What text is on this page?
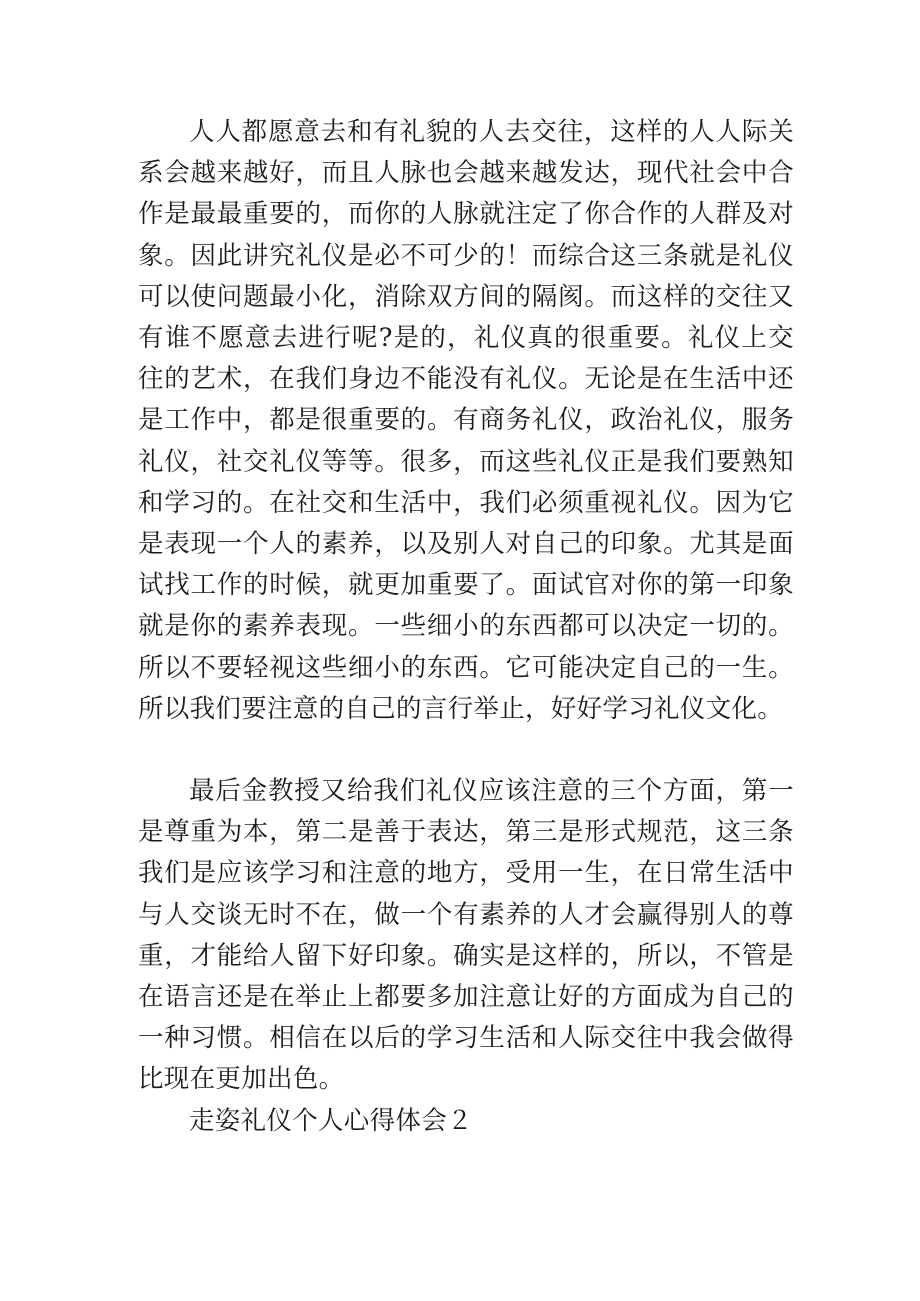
人人都愿意去和有礼貌的人去交往，这样的人人际关系会越来越好，而且人脉也会越来越发达，现代社会中合作是最最重要的，而你的人脉就注定了你合作的人群及对象。因此讲究礼仪是必不可少的！而综合这三条就是礼仪可以使问题最小化，消除双方间的隔阂。而这样的交往又有谁不愿意去进行呢?是的，礼仪真的很重要。礼仪上交往的艺术，在我们身边不能没有礼仪。无论是在生活中还是工作中，都是很重要的。有商务礼仪，政治礼仪，服务礼仪，社交礼仪等等。很多，而这些礼仪正是我们要熟知和学习的。在社交和生活中，我们必须重视礼仪。因为它是表现一个人的素养，以及别人对自己的印象。尤其是面试找工作的时候，就更加重要了。面试官对你的第一印象就是你的素养表现。一些细小的东西都可以决定一切的。所以不要轻视这些细小的东西。它可能决定自己的一生。所以我们要注意的自己的言行举止，好好学习礼仪文化。

最后金教授又给我们礼仪应该注意的三个方面，第一是尊重为本，第二是善于表达，第三是形式规范，这三条我们是应该学习和注意的地方，受用一生，在日常生活中与人交谈无时不在，做一个有素养的人才会赢得别人的尊重，才能给人留下好印象。确实是这样的，所以，不管是在语言还是在举止上都要多加注意让好的方面成为自己的一种习惯。相信在以后的学习生活和人际交往中我会做得比现在更加出色。

走姿礼仪个人心得体会２
